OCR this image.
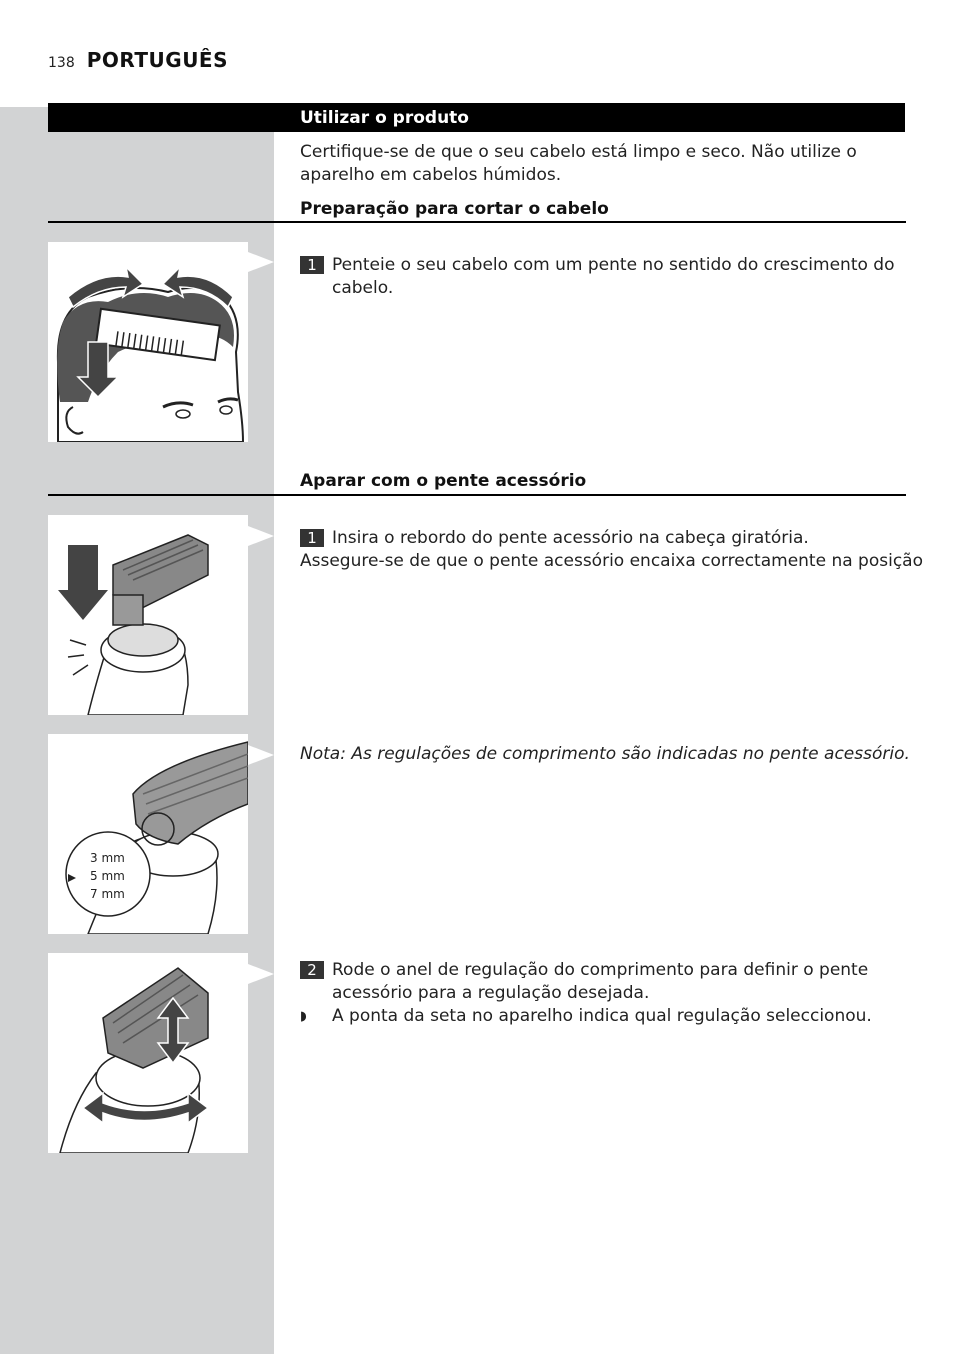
138 PORTUGUÊS
Utilizar o produto
Certifique-se de que o seu cabelo está limpo e seco. Não utilize o aparelho em cabelos húmidos.
Preparação para cortar o cabelo
1 Penteie o seu cabelo com um pente no sentido do crescimento do cabelo.
Aparar com o pente acessório
1 Insira o rebordo do pente acessório na cabeça giratória.
Assegure-se de que o pente acessório encaixa correctamente na posição
3 mm
5 mm
7 mm
Nota: As regulações de comprimento são indicadas no pente acessório.
2 Rode o anel de regulação do comprimento para definir o pente acessório para a regulação desejada.
◗	A ponta da seta no aparelho indica qual regulação seleccionou.
